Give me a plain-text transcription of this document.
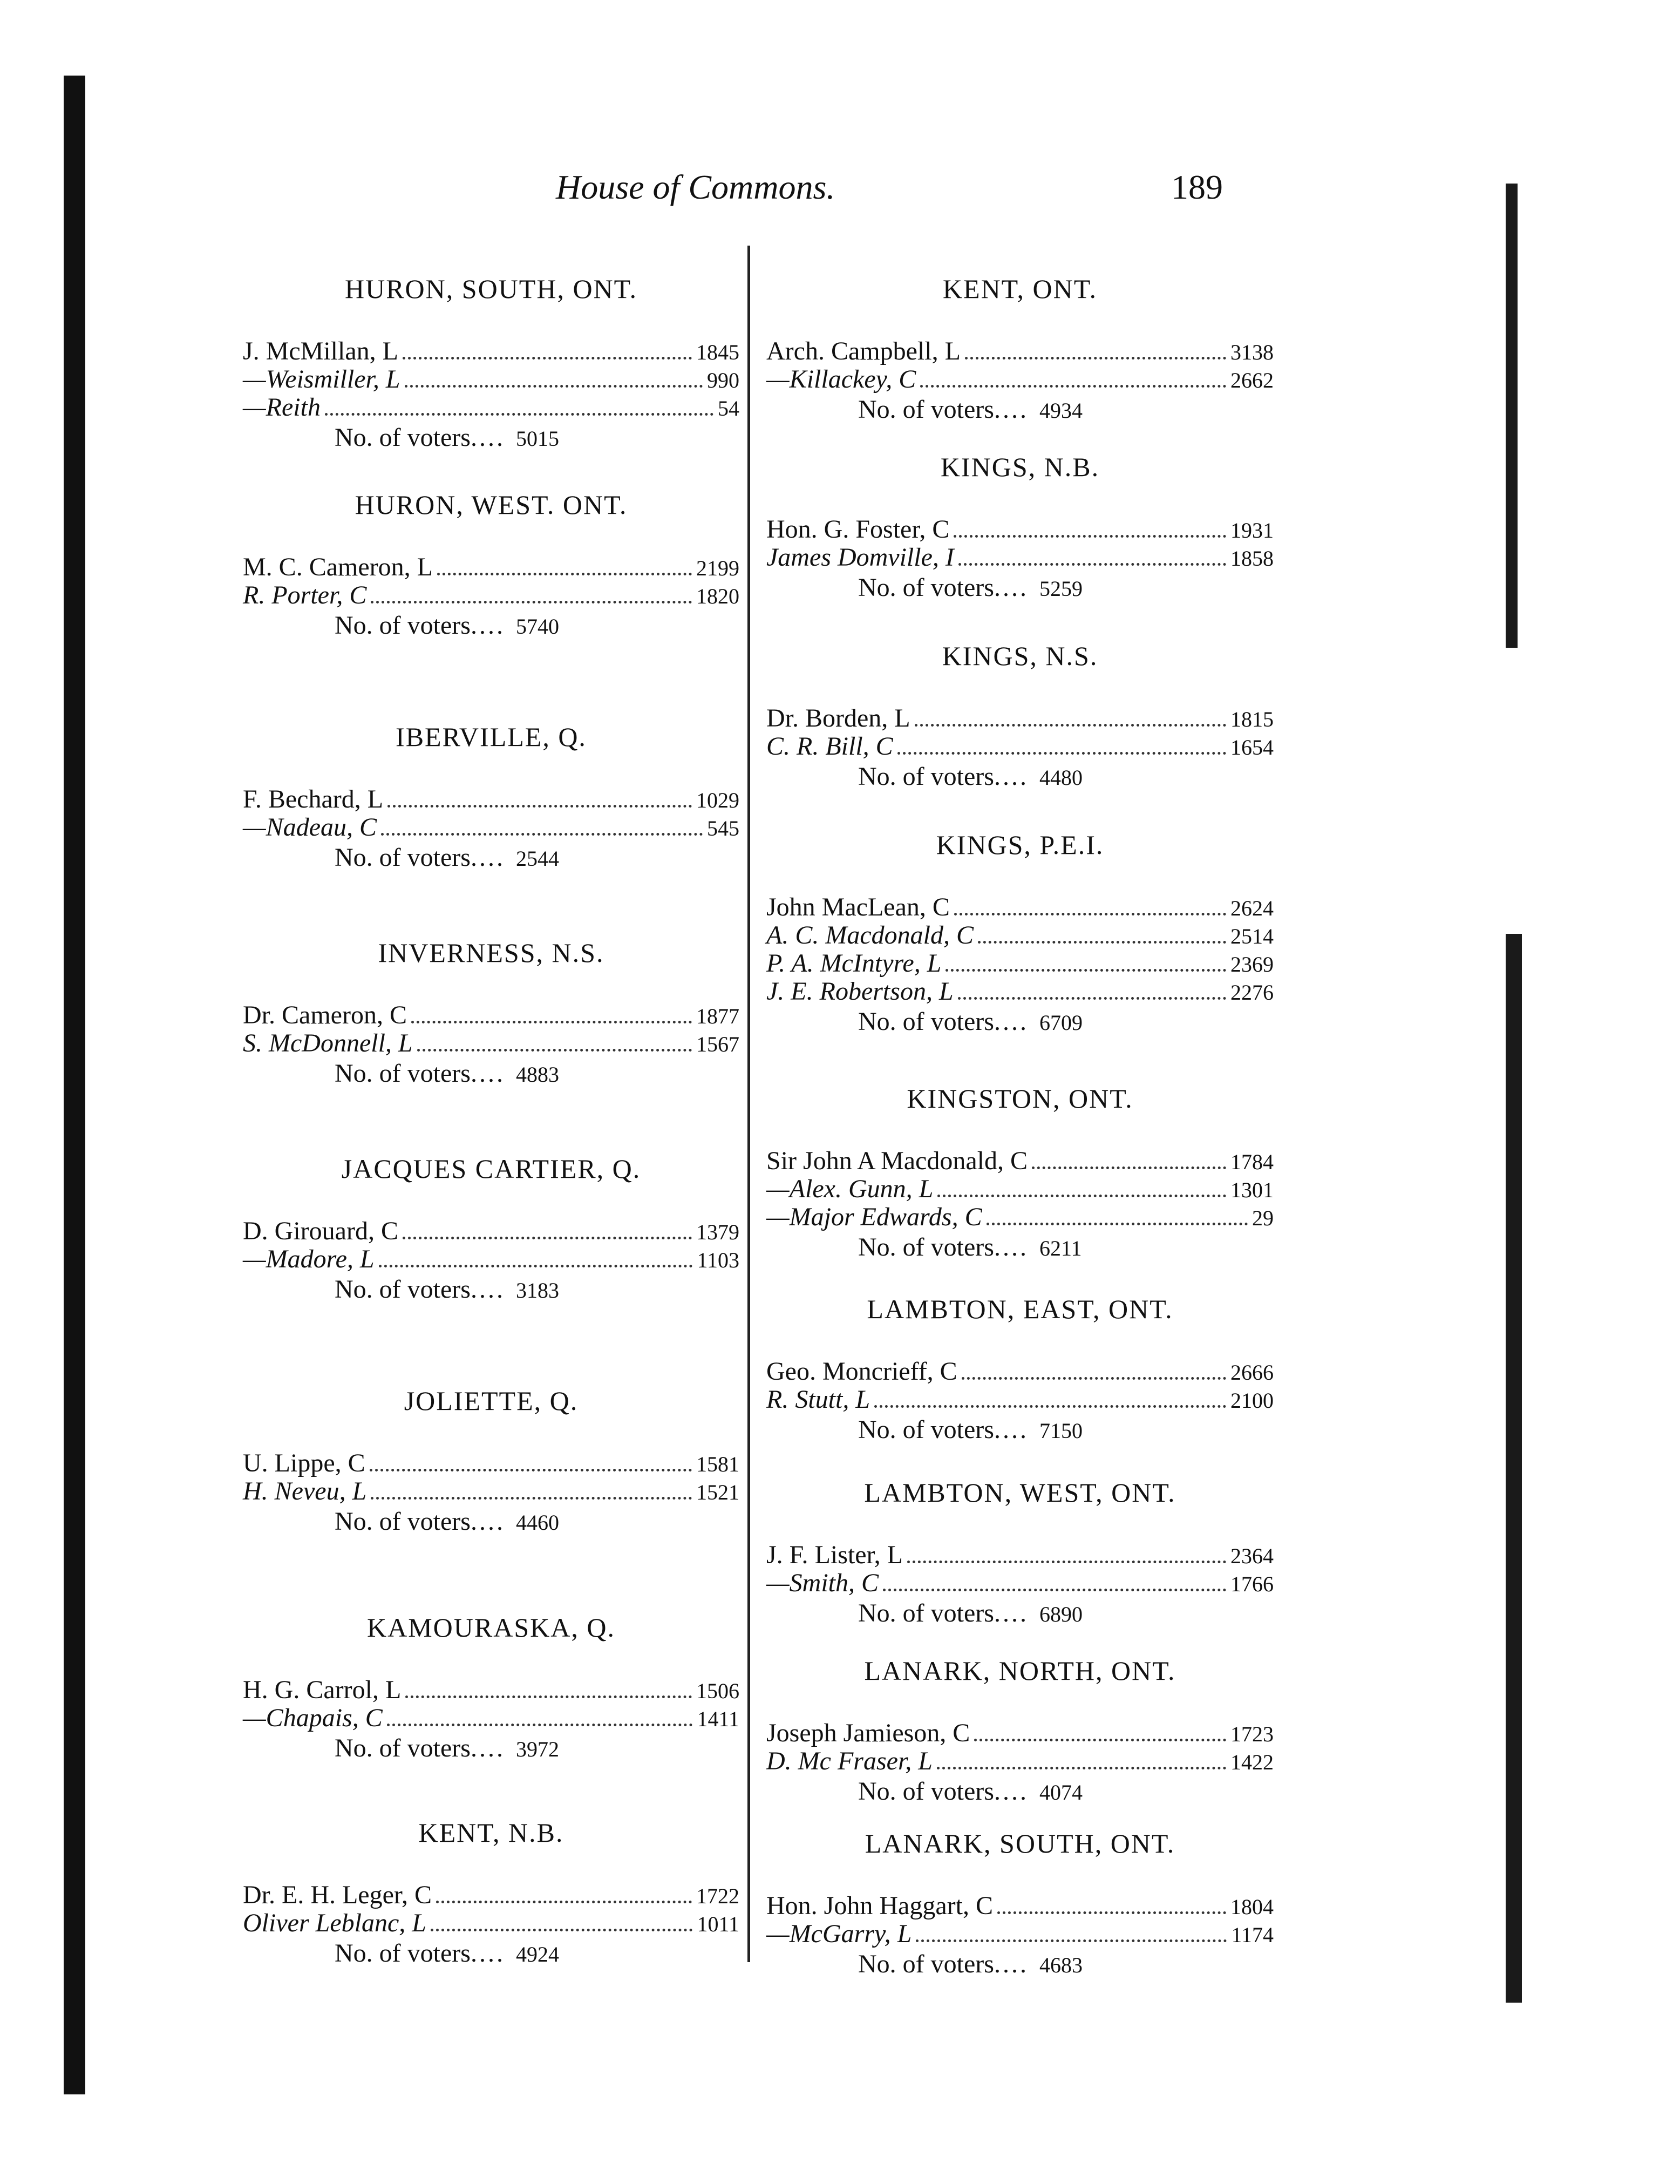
House of Commons.	189
HURON, SOUTH, ONT.
J. McMillan, L	1845
—Weismiller, L	990
—Reith	54
No. of voters.... 5015
HURON, WEST. ONT.
M. C. Cameron, L	2199
R. Porter, C	1820
No. of voters.... 5740
IBERVILLE, Q.
F. Bechard, L	1029
—Nadeau, C	545
No. of voters.... 2544
INVERNESS, N.S.
Dr. Cameron, C	1877
S. McDonnell, L	1567
No. of voters.... 4883
JACQUES CARTIER, Q.
D. Girouard, C	1379
—Madore, L	1103
No. of voters.... 3183
JOLIETTE, Q.
U. Lippe, C	1581
H. Neveu, L	1521
No. of voters.... 4460
KAMOURASKA, Q.
H. G. Carrol, L	1506
—Chapais, C	1411
No. of voters.... 3972
KENT, N.B.
Dr. E. H. Leger, C	1722
Oliver Leblanc, L	1011
No. of voters.... 4924
KENT, ONT.
Arch. Campbell, L	3138
—Killackey, C	2662
No. of voters.... 4934
KINGS, N.B.
Hon. G. Foster, C	1931
James Domville, I	1858
No. of voters.... 5259
KINGS, N.S.
Dr. Borden, L	1815
C. R. Bill, C	1654
No. of voters.... 4480
KINGS, P.E.I.
John MacLean, C	2624
A. C. Macdonald, C	2514
P. A. McIntyre, L	2369
J. E. Robertson, L	2276
No. of voters.... 6709
KINGSTON, ONT.
Sir John A Macdonald, C	1784
—Alex. Gunn, L	1301
—Major Edwards, C	29
No. of voters.... 6211
LAMBTON, EAST, ONT.
Geo. Moncrieff, C	2666
R. Stutt, L	2100
No. of voters.... 7150
LAMBTON, WEST, ONT.
J. F. Lister, L	2364
—Smith, C	1766
No. of voters.... 6890
LANARK, NORTH, ONT.
Joseph Jamieson, C	1723
D. Mc Fraser, L	1422
No. of voters.... 4074
LANARK, SOUTH, ONT.
Hon. John Haggart, C	1804
—McGarry, L	1174
No. of voters.... 4683
